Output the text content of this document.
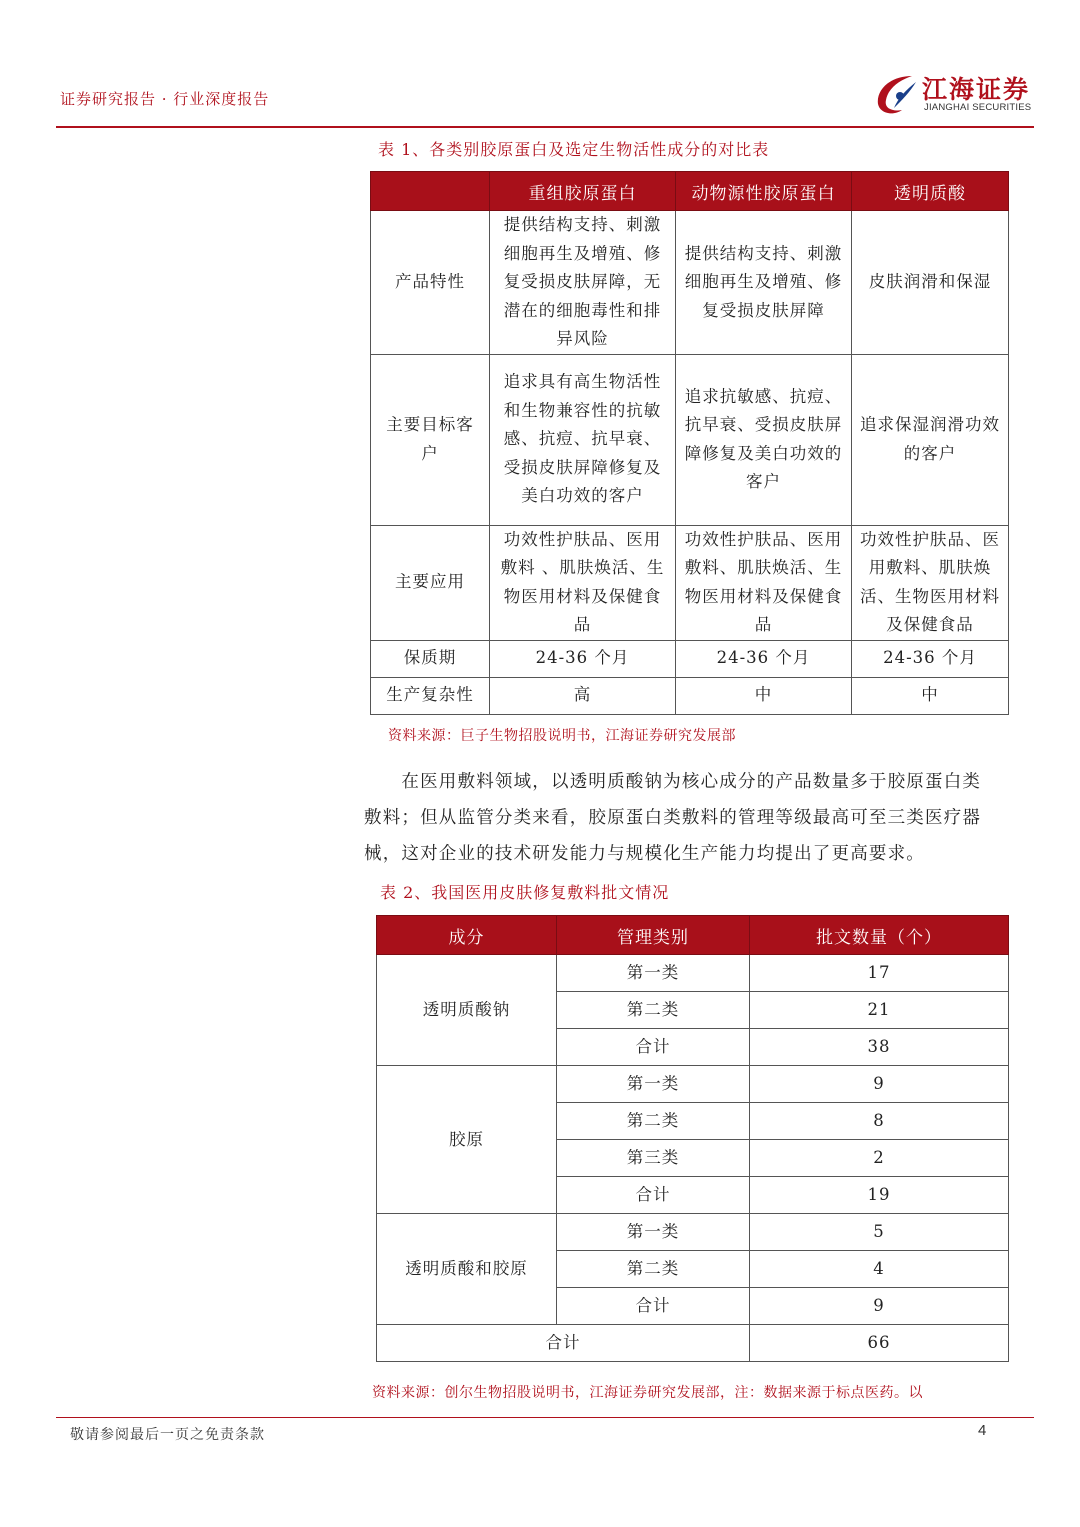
证券研究报告 · 行业深度报告	江海证券
JIANGHAI SECURITIES
表 1、各类别胶原蛋白及选定生物活性成分的对比表
	重组胶原蛋白	动物源性胶原蛋白	透明质酸
产品特性	提供结构支持、刺激细胞再生及增殖、修复受损皮肤屏障，无潜在的细胞毒性和排异风险	提供结构支持、刺激细胞再生及增殖、修复受损皮肤屏障	皮肤润滑和保湿
主要目标客户	追求具有高生物活性和生物兼容性的抗敏感、抗痘、抗早衰、受损皮肤屏障修复及美白功效的客户	追求抗敏感、抗痘、抗早衰、受损皮肤屏障修复及美白功效的客户	追求保湿润滑功效的客户
主要应用	功效性护肤品、医用敷料 、肌肤焕活、生物医用材料及保健食品	功效性护肤品、医用敷料、肌肤焕活、生物医用材料及保健食品	功效性护肤品、医用敷料、肌肤焕活、生物医用材料及保健食品
保质期	24-36 个月	24-36 个月	24-36 个月
生产复杂性	高	中	中
资料来源：巨子生物招股说明书，江海证券研究发展部
　　在医用敷料领域，以透明质酸钠为核心成分的产品数量多于胶原蛋白类
敷料；但从监管分类来看，胶原蛋白类敷料的管理等级最高可至三类医疗器
械，这对企业的技术研发能力与规模化生产能力均提出了更高要求。
表 2、我国医用皮肤修复敷料批文情况
成分	管理类别	批文数量（个）
透明质酸钠	第一类	17
	第二类	21
	合计	38
胶原	第一类	9
	第二类	8
	第三类	2
	合计	19
透明质酸和胶原	第一类	5
	第二类	4
	合计	9
合计		66
资料来源：创尔生物招股说明书，江海证券研究发展部，注：数据来源于标点医药。以
敬请参阅最后一页之免责条款	4
